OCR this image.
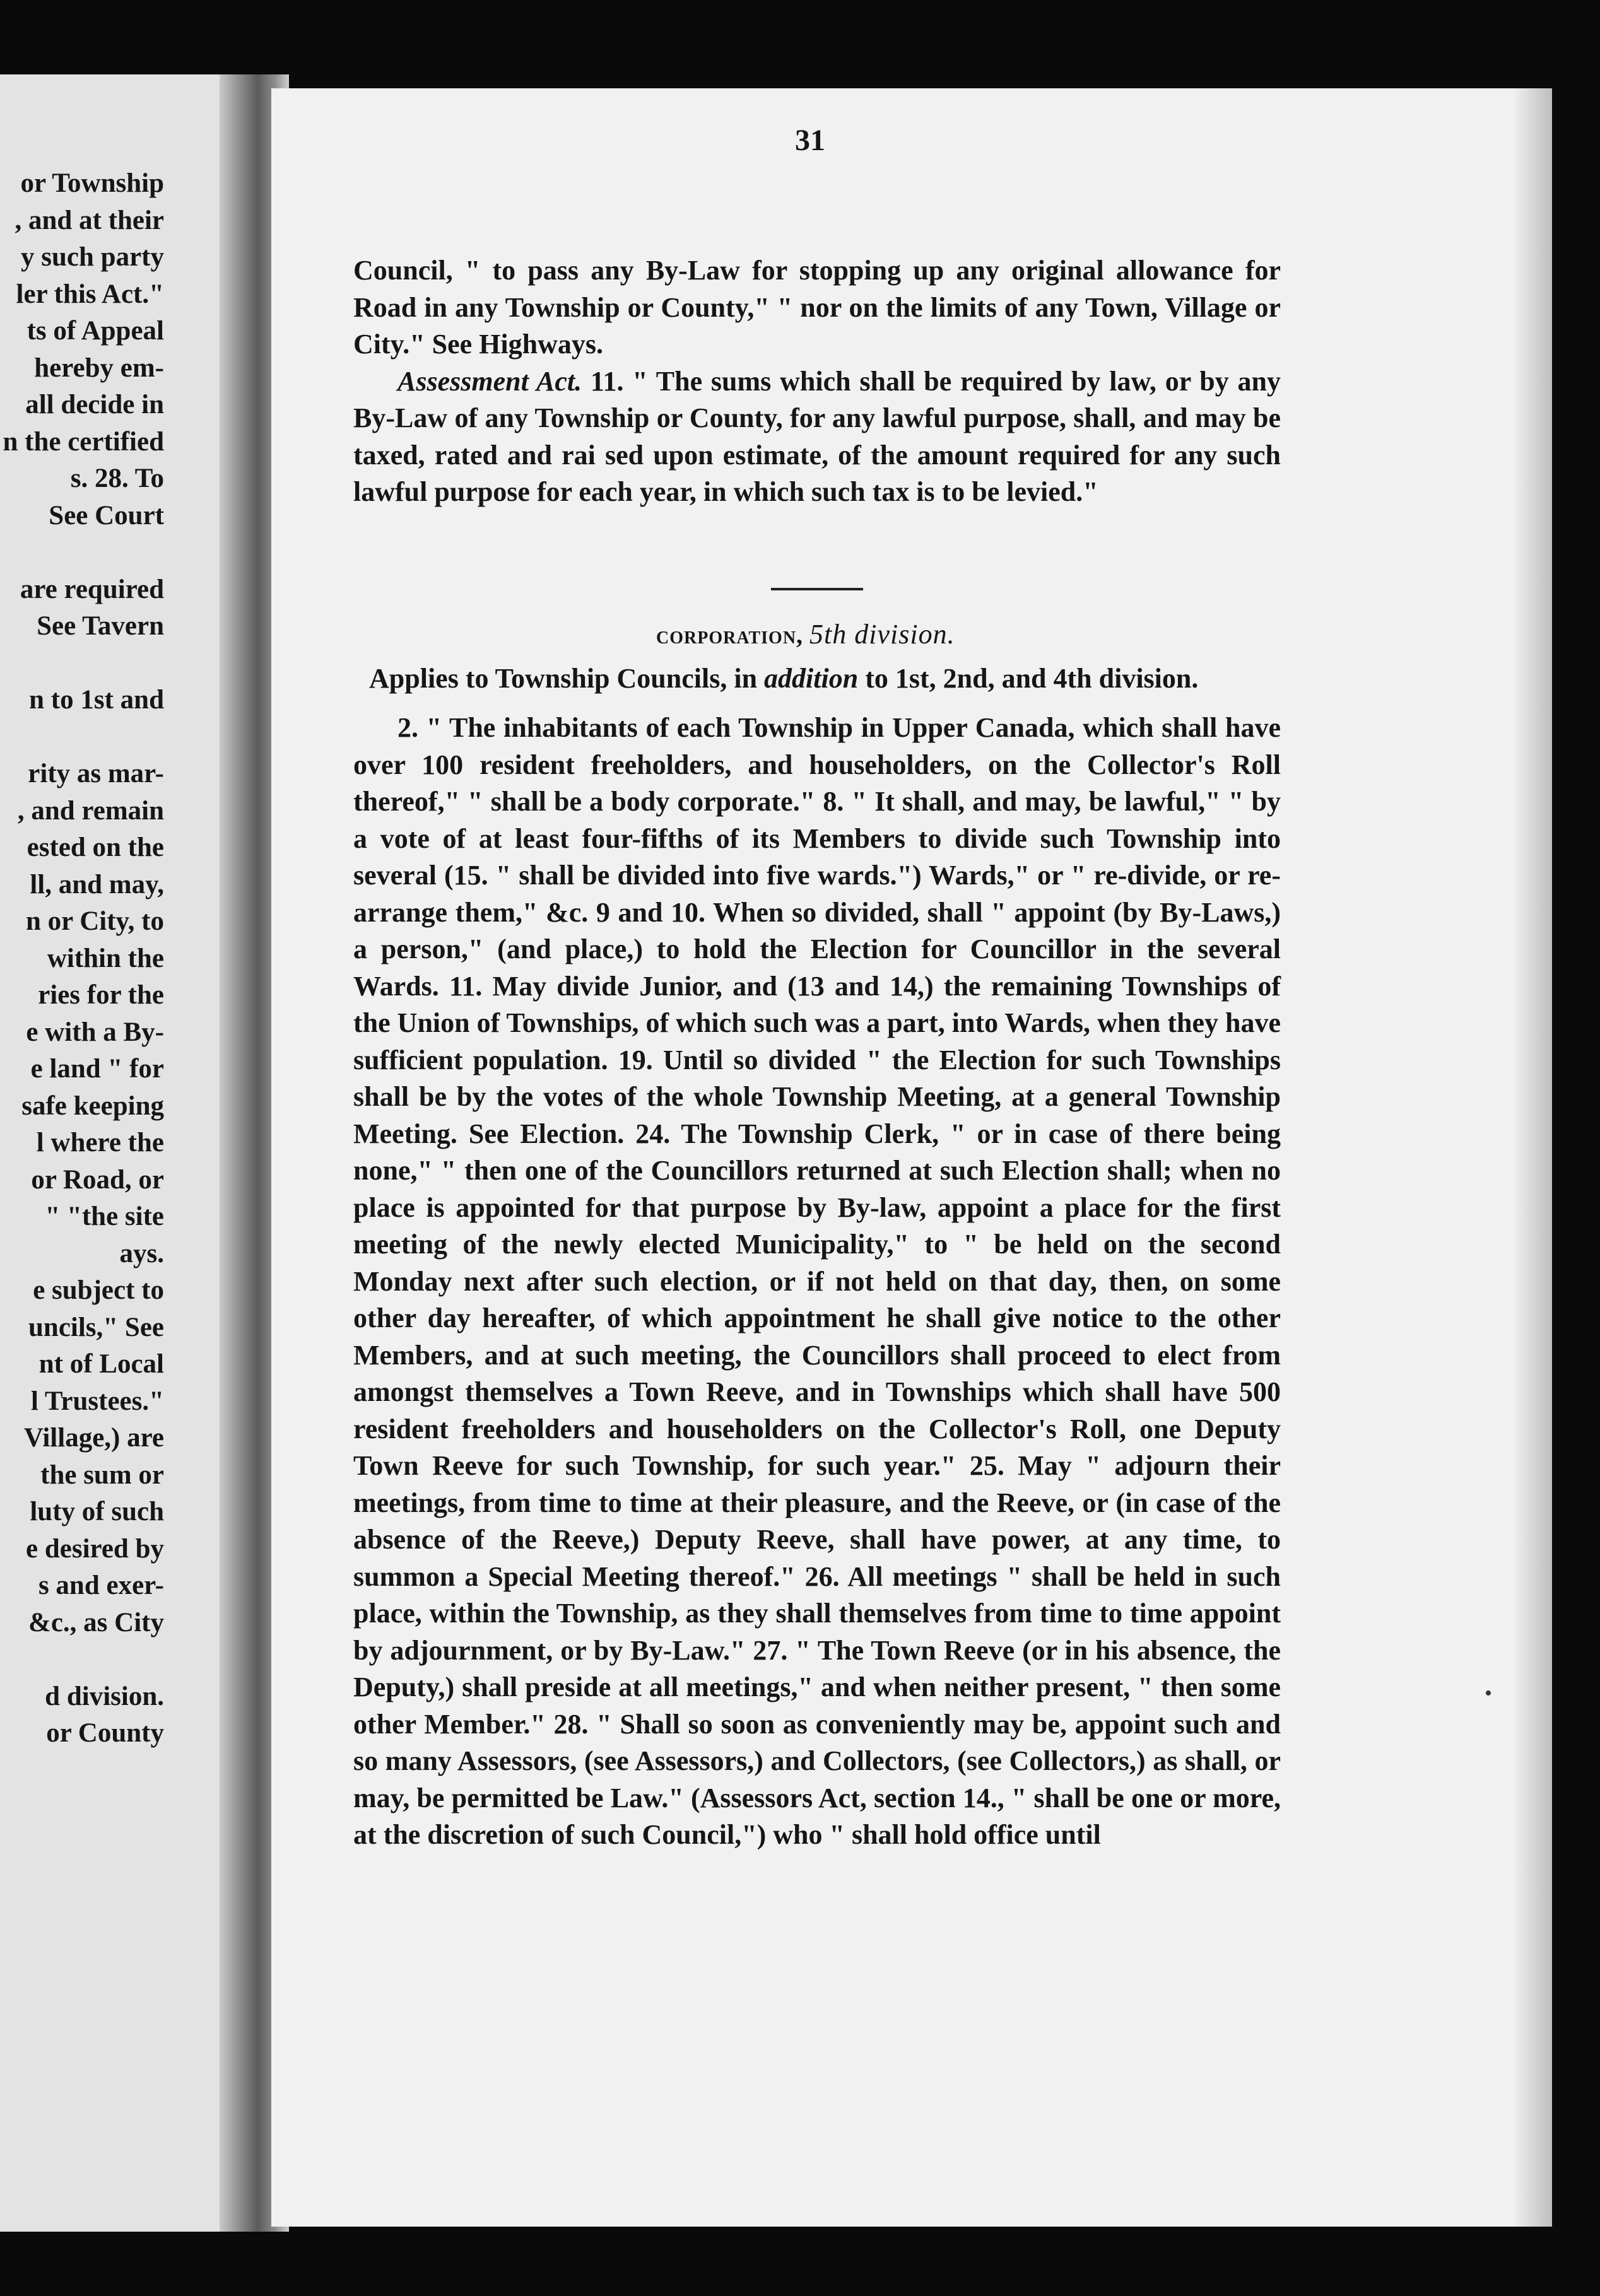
or Township
, and at their
y such party
ler this Act."
ts of Appeal
hereby em-
all decide in
n the certified
s. 28. To
See Court
are required
See Tavern
n to 1st and
rity as mar-
, and remain
ested on the
ll, and may,
n or City, to
within the
ries for the
e with a By-
e land " for
safe keeping
l where the
or Road, or
" "the site
ays.
e subject to
uncils," See
nt of Local
l Trustees."
Village,) are
the sum or
luty of such
e desired by
s and exer-
&c., as City
d division.
or County
31

Council, " to pass any By-Law for stopping up any original allowance for Road in any Township or County," " nor on the limits of any Town, Village or City." See Highways.

Assessment Act. 11. " The sums which shall be required by law, or by any By-Law of any Township or County, for any lawful purpose, shall, and may be taxed, rated and rai sed upon estimate, of the amount required for any such lawful purpose for each year, in which such tax is to be levied."

corporation, 5th division.
Applies to Township Councils, in addition to 1st, 2nd, and 4th division.

2. " The inhabitants of each Township in Upper Canada, which shall have over 100 resident freeholders, and householders, on the Collector's Roll thereof," " shall be a body corporate." 8. " It shall, and may, be lawful," " by a vote of at least four-fifths of its Members to divide such Township into several (15. " shall be divided into five wards.") Wards," or " re-divide, or re-arrange them," &c. 9 and 10. When so divided, shall " appoint (by By-Laws,) a person," (and place,) to hold the Election for Councillor in the several Wards. 11. May divide Junior, and (13 and 14,) the remaining Townships of the Union of Townships, of which such was a part, into Wards, when they have sufficient population. 19. Until so divided " the Election for such Townships shall be by the votes of the whole Township Meeting, at a general Township Meeting. See Election. 24. The Township Clerk, " or in case of there being none," " then one of the Councillors returned at such Election shall; when no place is appointed for that purpose by By-law, appoint a place for the first meeting of the newly elected Municipality," to " be held on the second Monday next after such election, or if not held on that day, then, on some other day hereafter, of which appointment he shall give notice to the other Members, and at such meeting, the Councillors shall proceed to elect from amongst themselves a Town Reeve, and in Townships which shall have 500 resident freeholders and householders on the Collector's Roll, one Deputy Town Reeve for such Township, for such year." 25. May " adjourn their meetings, from time to time at their pleasure, and the Reeve, or (in case of the absence of the Reeve,) Deputy Reeve, shall have power, at any time, to summon a Special Meeting thereof." 26. All meetings " shall be held in such place, within the Township, as they shall themselves from time to time appoint by adjournment, or by By-Law." 27. " The Town Reeve (or in his absence, the Deputy,) shall preside at all meetings," and when neither present, " then some other Member." 28. " Shall so soon as conveniently may be, appoint such and so many Assessors, (see Assessors,) and Collectors, (see Collectors,) as shall, or may, be permitted be Law." (Assessors Act, section 14., " shall be one or more, at the discretion of such Council,") who " shall hold office until
